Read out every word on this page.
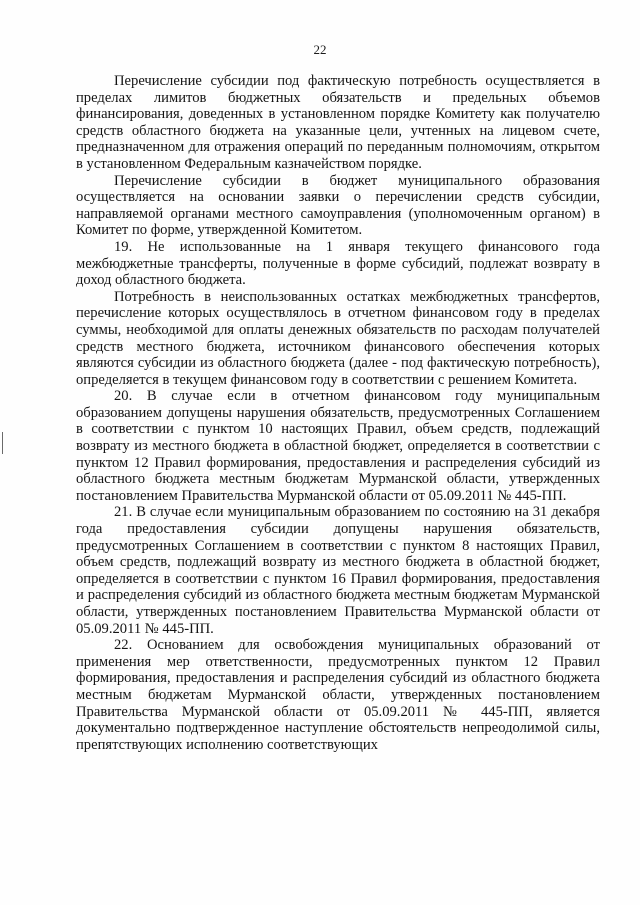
22

Перечисление субсидии под фактическую потребность осуществляется в пределах лимитов бюджетных обязательств и предельных объемов финансирования, доведенных в установленном порядке Комитету как получателю средств областного бюджета на указанные цели, учтенных на лицевом счете, предназначенном для отражения операций по переданным полномочиям, открытом в установленном Федеральным казначейством порядке.

Перечисление субсидии в бюджет муниципального образования осуществляется на основании заявки о перечислении средств субсидии, направляемой органами местного самоуправления (уполномоченным органом) в Комитет по форме, утвержденной Комитетом.

19. Не использованные на 1 января текущего финансового года межбюджетные трансферты, полученные в форме субсидий, подлежат возврату в доход областного бюджета.

Потребность в неиспользованных остатках межбюджетных трансфертов, перечисление которых осуществлялось в отчетном финансовом году в пределах суммы, необходимой для оплаты денежных обязательств по расходам получателей средств местного бюджета, источником финансового обеспечения которых являются субсидии из областного бюджета (далее - под фактическую потребность), определяется в текущем финансовом году в соответствии с решением Комитета.

20. В случае если в отчетном финансовом году муниципальным образованием допущены нарушения обязательств, предусмотренных Соглашением в соответствии с пунктом 10 настоящих Правил, объем средств, подлежащий возврату из местного бюджета в областной бюджет, определяется в соответствии с пунктом 12 Правил формирования, предоставления и распределения субсидий из областного бюджета местным бюджетам Мурманской области, утвержденных постановлением Правительства Мурманской области от 05.09.2011 № 445-ПП.

21. В случае если муниципальным образованием по состоянию на 31 декабря года предоставления субсидии допущены нарушения обязательств, предусмотренных Соглашением в соответствии с пунктом 8 настоящих Правил, объем средств, подлежащий возврату из местного бюджета в областной бюджет, определяется в соответствии с пунктом 16 Правил формирования, предоставления и распределения субсидий из областного бюджета местным бюджетам Мурманской области, утвержденных постановлением Правительства Мурманской области от 05.09.2011 № 445-ПП.

22. Основанием для освобождения муниципальных образований от применения мер ответственности, предусмотренных пунктом 12 Правил формирования, предоставления и распределения субсидий из областного бюджета местным бюджетам Мурманской области, утвержденных постановлением Правительства Мурманской области от 05.09.2011 № 445-ПП, является документально подтвержденное наступление обстоятельств непреодолимой силы, препятствующих исполнению соответствующих
